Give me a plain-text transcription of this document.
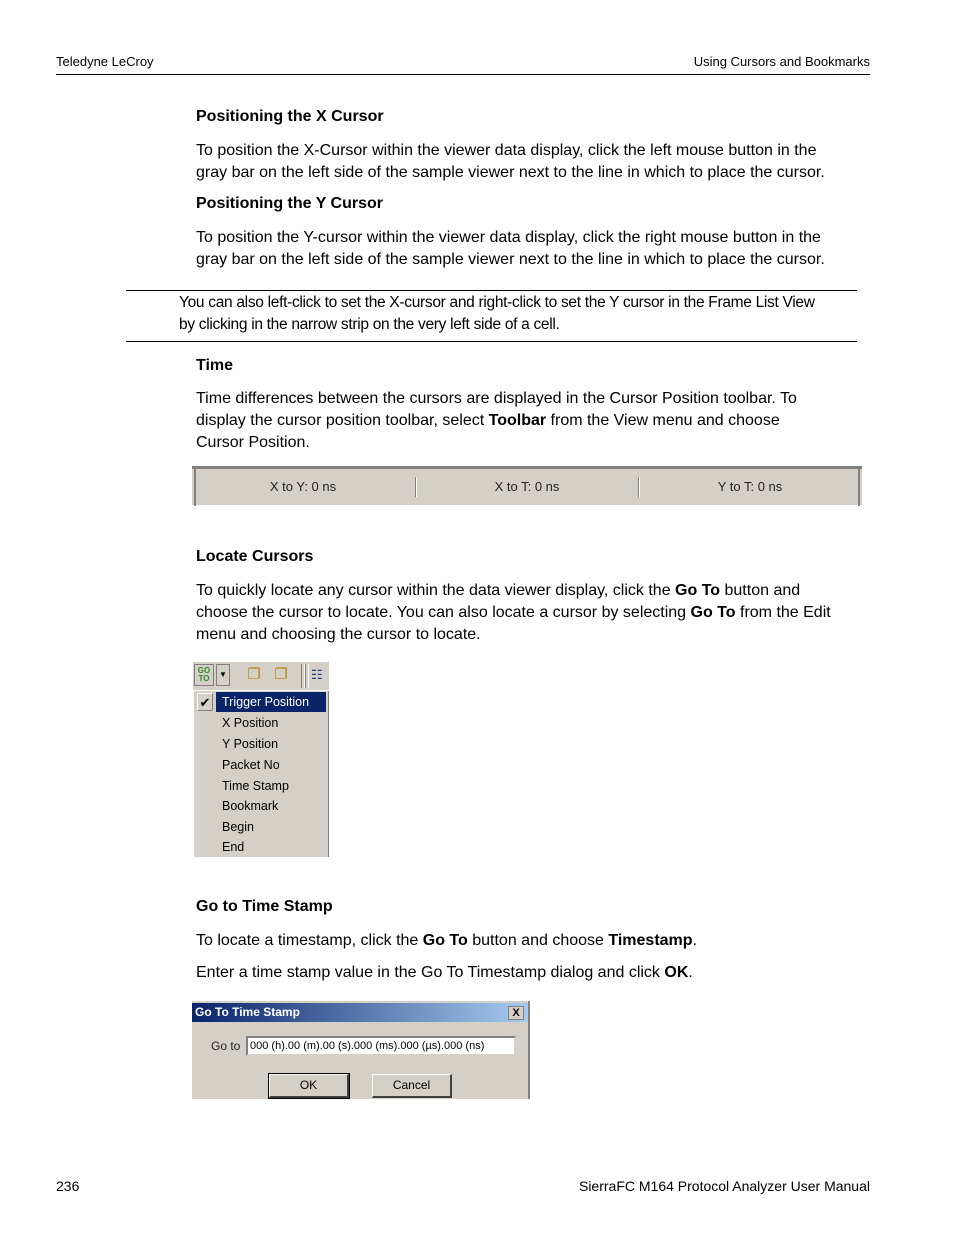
Teledyne LeCroy	Using Cursors and Bookmarks
Positioning the X Cursor
To position the X-Cursor within the viewer data display, click the left mouse button in the
gray bar on the left side of the sample viewer next to the line in which to place the cursor.
Positioning the Y Cursor
To position the Y-cursor within the viewer data display, click the right mouse button in the
gray bar on the left side of the sample viewer next to the line in which to place the cursor.
You can also left-click to set the X-cursor and right-click to set the Y cursor in the Frame List View
by clicking in the narrow strip on the very left side of a cell.
Time
Time differences between the cursors are displayed in the Cursor Position toolbar. To
display the cursor position toolbar, select Toolbar from the View menu and choose
Cursor Position.
X to Y: 0 ns	X to T: 0 ns	Y to T: 0 ns
Locate Cursors
To quickly locate any cursor within the data viewer display, click the Go To button and
choose the cursor to locate. You can also locate a cursor by selecting Go To from the Edit
menu and choosing the cursor to locate.
GO
TO	▼ ❐ ❐ ☷
✔ Trigger Position
X Position
Y Position
Packet No
Time Stamp
Bookmark
Begin
End
Go to Time Stamp
To locate a timestamp, click the Go To button and choose Timestamp.
Enter a time stamp value in the Go To Timestamp dialog and click OK.
Go To Time Stamp	X
Go to 000 (h).00 (m).00 (s).000 (ms).000 (µs).000 (ns)
OK	Cancel
236	SierraFC M164 Protocol Analyzer User Manual
